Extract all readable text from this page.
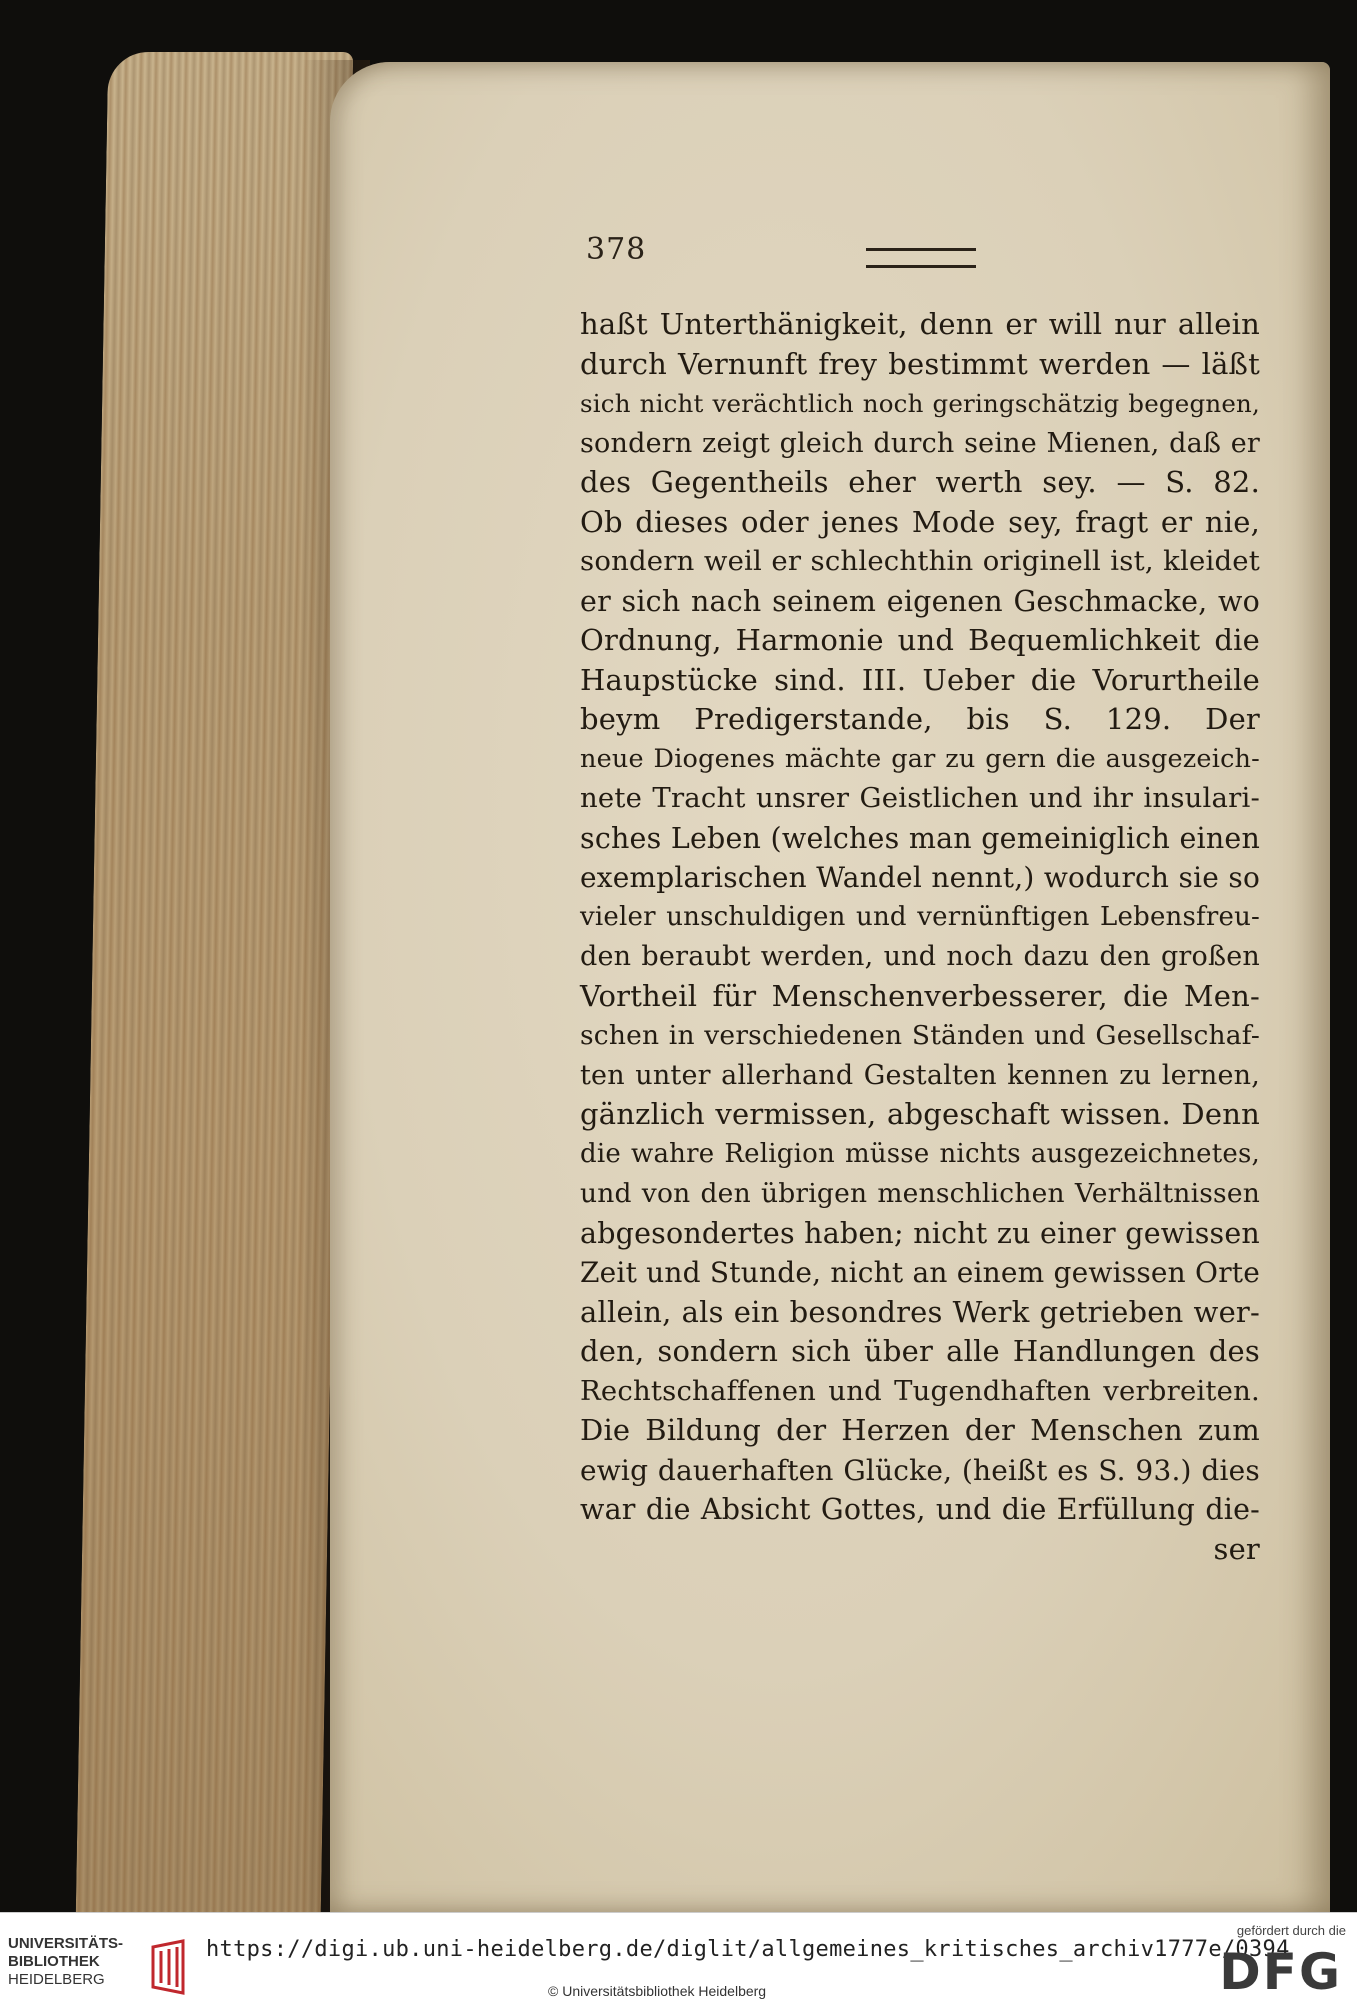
378
haßt Unterthänigkeit, denn er will nur allein
durch Vernunft frey bestimmt werden — läßt
sich nicht verächtlich noch geringschätzig begegnen,
sondern zeigt gleich durch seine Mienen, daß er
des Gegentheils eher werth sey. — S. 82.
Ob dieses oder jenes Mode sey, fragt er nie,
sondern weil er schlechthin originell ist, kleidet
er sich nach seinem eigenen Geschmacke, wo
Ordnung, Harmonie und Bequemlichkeit die
Haupstücke sind. III. Ueber die Vorurtheile
beym Predigerstande, bis S. 129. Der
neue Diogenes mächte gar zu gern die ausgezeich-
nete Tracht unsrer Geistlichen und ihr insulari-
sches Leben (welches man gemeiniglich einen
exemplarischen Wandel nennt,) wodurch sie so
vieler unschuldigen und vernünftigen Lebensfreu-
den beraubt werden, und noch dazu den großen
Vortheil für Menschenverbesserer, die Men-
schen in verschiedenen Ständen und Gesellschaf-
ten unter allerhand Gestalten kennen zu lernen,
gänzlich vermissen, abgeschaft wissen. Denn
die wahre Religion müsse nichts ausgezeichnetes,
und von den übrigen menschlichen Verhältnissen
abgesondertes haben; nicht zu einer gewissen
Zeit und Stunde, nicht an einem gewissen Orte
allein, als ein besondres Werk getrieben wer-
den, sondern sich über alle Handlungen des
Rechtschaffenen und Tugendhaften verbreiten.
Die Bildung der Herzen der Menschen zum
ewig dauerhaften Glücke, (heißt es S. 93.) dies
war die Absicht Gottes, und die Erfüllung die-
ser
UNIVERSITÄTS-
BIBLIOTHEK
HEIDELBERG
https://digi.ub.uni-heidelberg.de/diglit/allgemeines_kritisches_archiv1777e/0394
© Universitätsbibliothek Heidelberg
gefördert durch die
DFG
